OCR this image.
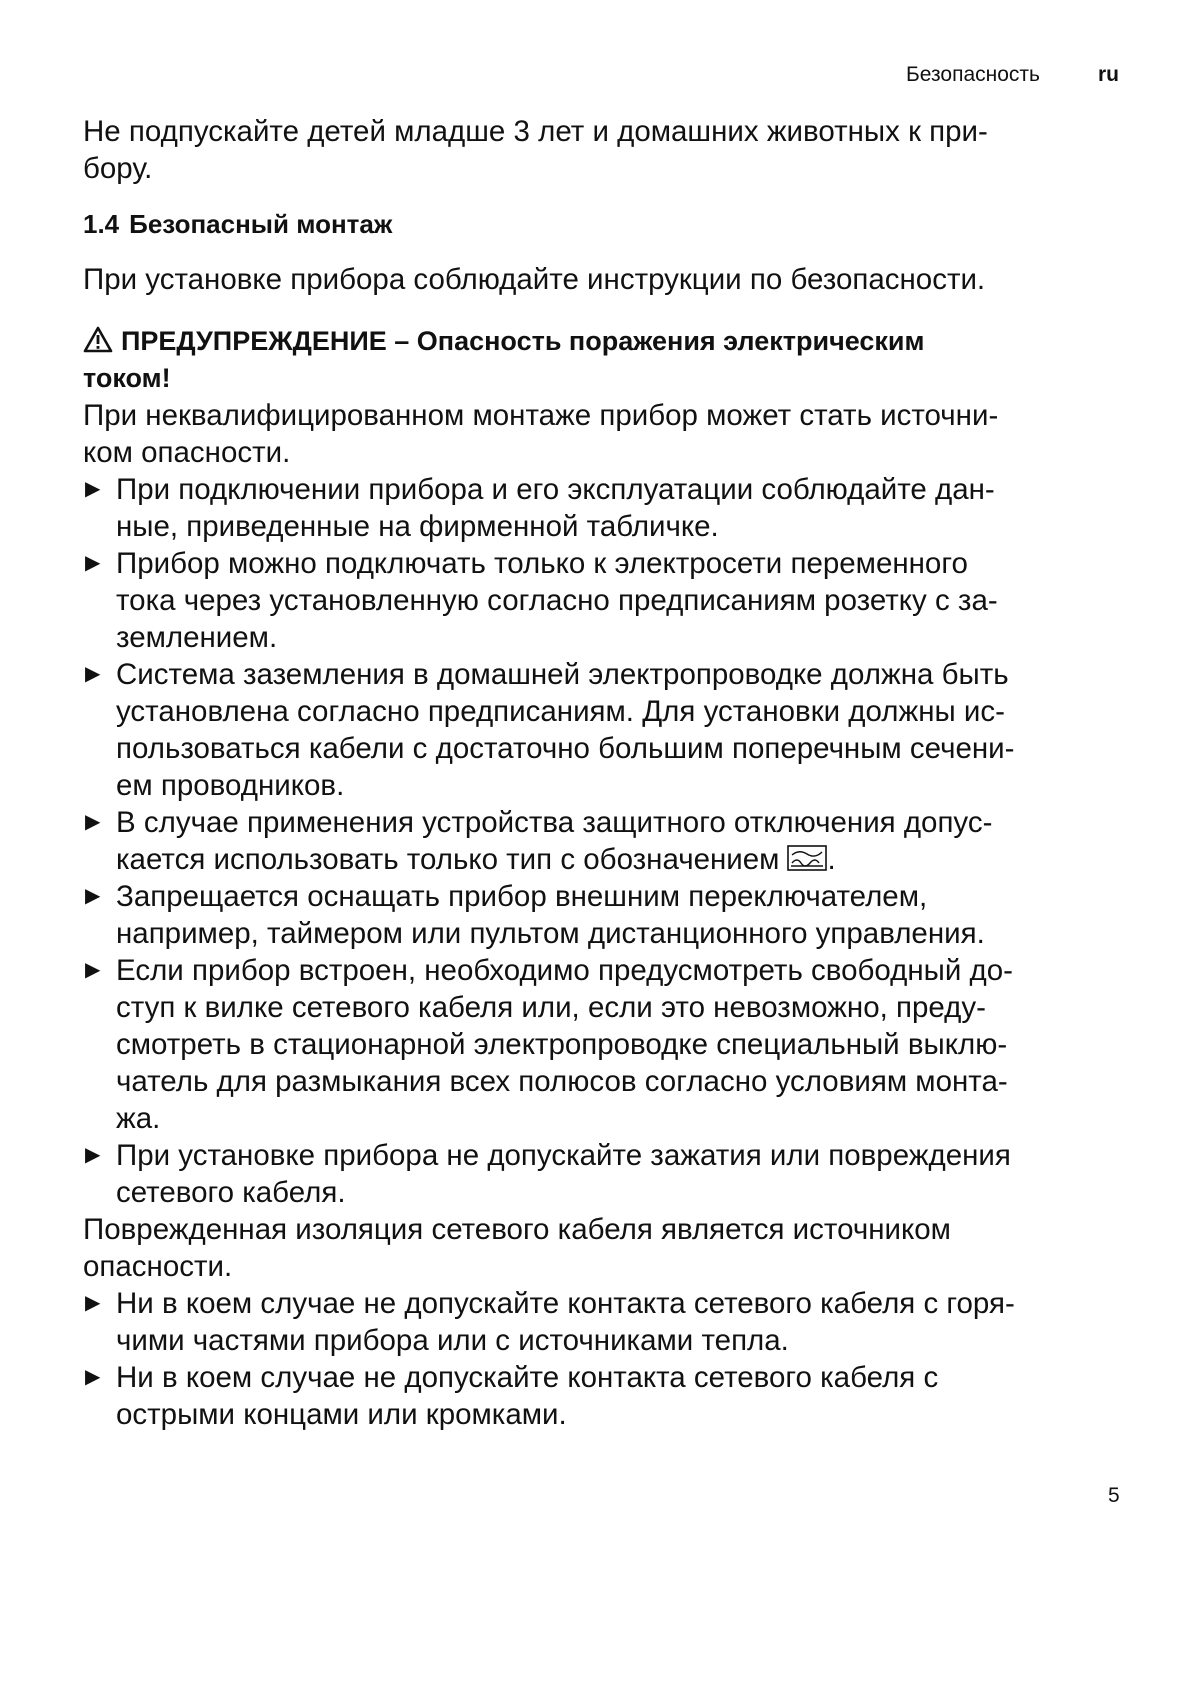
Безопасность	ru
Не подпускайте детей младше 3 лет и домашних животных к при-
бору.
1.4 Безопасный монтаж
При установке прибора соблюдайте инструкции по безопасности.
ПРЕДУПРЕЖДЕНИЕ – Опасность поражения электрическим
током!
При неквалифицированном монтаже прибор может стать источни-
ком опасности.
▶ При подключении прибора и его эксплуатации соблюдайте дан-
ные, приведенные на фирменной табличке.
▶ Прибор можно подключать только к электросети переменного
тока через установленную согласно предписаниям розетку с за-
землением.
▶ Система заземления в домашней электропроводке должна быть
установлена согласно предписаниям. Для установки должны ис-
пользоваться кабели с достаточно большим поперечным сечени-
ем проводников.
▶ В случае применения устройства защитного отключения допус-
кается использовать только тип с обозначением .
▶ Запрещается оснащать прибор внешним переключателем,
например, таймером или пультом дистанционного управления.
▶ Если прибор встроен, необходимо предусмотреть свободный до-
ступ к вилке сетевого кабеля или, если это невозможно, преду-
смотреть в стационарной электропроводке специальный выклю-
чатель для размыкания всех полюсов согласно условиям монта-
жа.
▶ При установке прибора не допускайте зажатия или повреждения
сетевого кабеля.
Поврежденная изоляция сетевого кабеля является источником
опасности.
▶ Ни в коем случае не допускайте контакта сетевого кабеля с горя-
чими частями прибора или с источниками тепла.
▶ Ни в коем случае не допускайте контакта сетевого кабеля с
острыми концами или кромками.
5
